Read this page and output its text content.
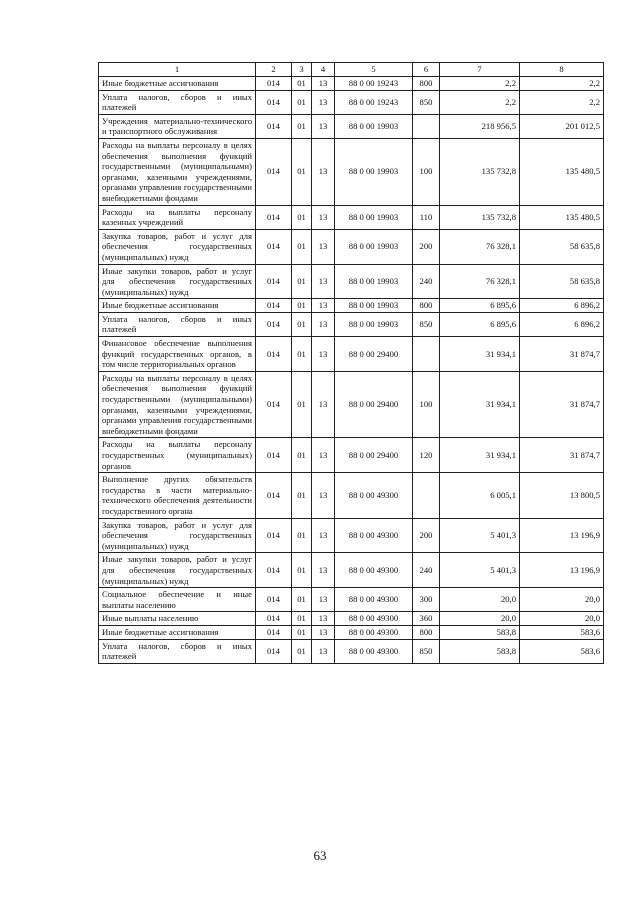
1	2	3	4	5	6	7	8
Иные бюджетные ассигнования	014	01	13	88 0 00 19243	800	2,2	2,2
Уплата налогов, сборов и иных платежей	014	01	13	88 0 00 19243	850	2,2	2,2
Учреждения материально-технического и транспортного обслуживания	014	01	13	88 0 00 19903		218 956,5	201 012,5
Расходы на выплаты персоналу в целях обеспечения выполнения функций государственными (муниципальными) органами, казенными учреждениями, органами управления государственными внебюджетными фондами	014	01	13	88 0 00 19903	100	135 732,8	135 480,5
Расходы на выплаты персоналу казенных учреждений	014	01	13	88 0 00 19903	110	135 732,8	135 480,5
Закупка товаров, работ и услуг для обеспечения государственных (муниципальных) нужд	014	01	13	88 0 00 19903	200	76 328,1	58 635,8
Иные закупки товаров, работ и услуг для обеспечения государственных (муниципальных) нужд	014	01	13	88 0 00 19903	240	76 328,1	58 635,8
Иные бюджетные ассигнования	014	01	13	88 0 00 19903	800	6 895,6	6 896,2
Уплата налогов, сборов и иных платежей	014	01	13	88 0 00 19903	850	6 895,6	6 896,2
Финансовое обеспечение выполнения функций государственных органов, в том числе территориальных органов	014	01	13	88 0 00 29400		31 934,1	31 874,7
Расходы на выплаты персоналу в целях обеспечения выполнения функций государственными (муниципальными) органами, казенными учреждениями, органами управления государственными внебюджетными фондами	014	01	13	88 0 00 29400	100	31 934,1	31 874,7
Расходы на выплаты персоналу государственных (муниципальных) органов	014	01	13	88 0 00 29400	120	31 934,1	31 874,7
Выполнение других обязательств государства в части материально-технического обеспечения деятельности государственного органа	014	01	13	88 0 00 49300		6 005,1	13 800,5
Закупка товаров, работ и услуг для обеспечения государственных (муниципальных) нужд	014	01	13	88 0 00 49300	200	5 401,3	13 196,9
Иные закупки товаров, работ и услуг для обеспечения государственных (муниципальных) нужд	014	01	13	88 0 00 49300	240	5 401,3	13 196,9
Социальное обеспечение и иные выплаты населению	014	01	13	88 0 00 49300	300	20,0	20,0
Иные выплаты населению	014	01	13	88 0 00 49300	360	20,0	20,0
Иные бюджетные ассигнования	014	01	13	88 0 00 49300	800	583,8	583,6
Уплата налогов, сборов и иных платежей	014	01	13	88 0 00 49300	850	583,8	583,6
63
